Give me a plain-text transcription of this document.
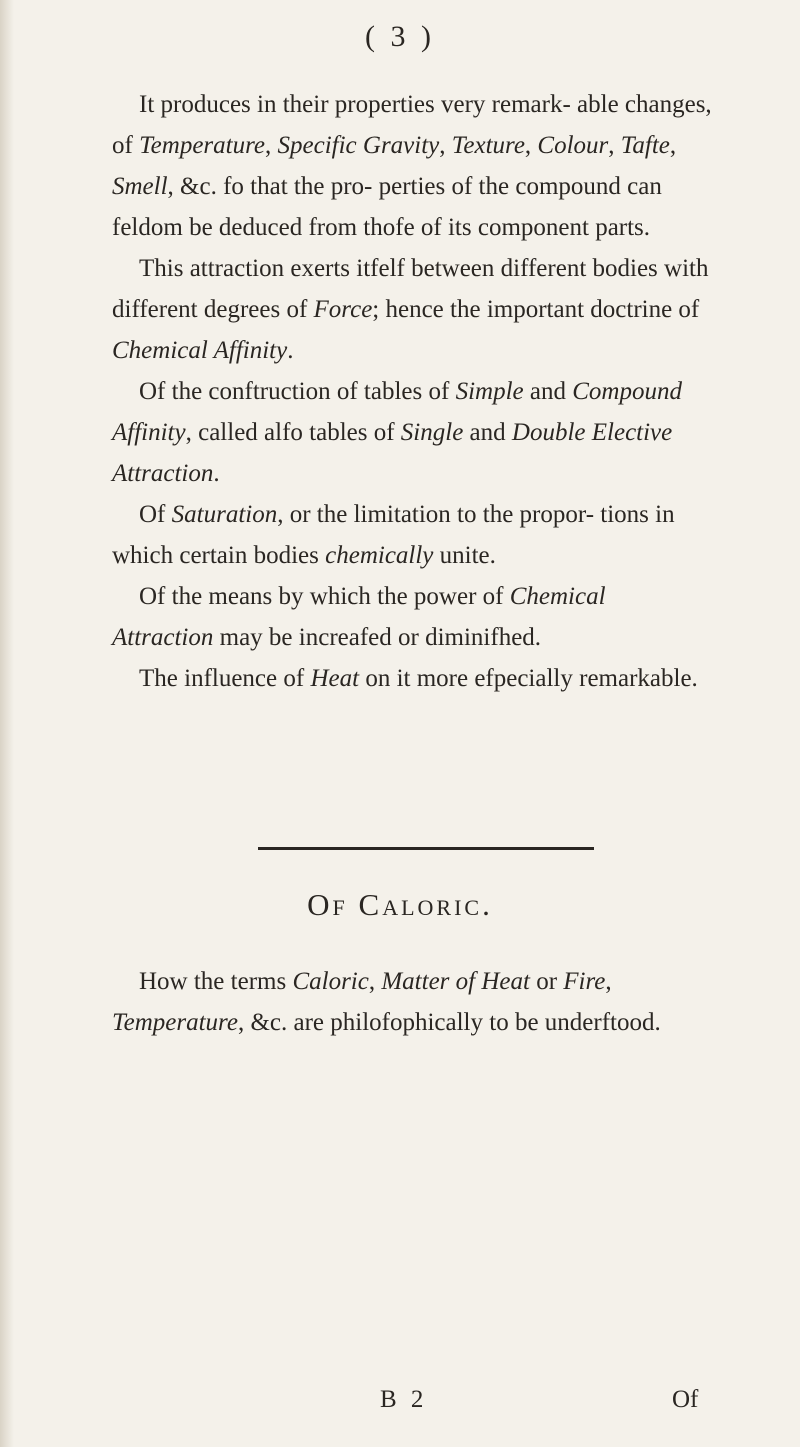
( 3 )

It produces in their properties very remark- able changes, of Temperature, Specific Gravity, Texture, Colour, Tafte, Smell, &c. fo that the pro- perties of the compound can feldom be deduced from thofe of its component parts.

This attraction exerts itfelf between different bodies with different degrees of Force; hence the important doctrine of Chemical Affinity.

Of the conftruction of tables of Simple and Compound Affinity, called alfo tables of Single and Double Elective Attraction.

Of Saturation, or the limitation to the propor- tions in which certain bodies chemically unite.

Of the means by which the power of Chemical Attraction may be increafed or diminifhed.

The influence of Heat on it more efpecially remarkable.

Of Caloric.

How the terms Caloric, Matter of Heat or Fire, Temperature, &c. are philofophically to be underftood.

B 2	Of
